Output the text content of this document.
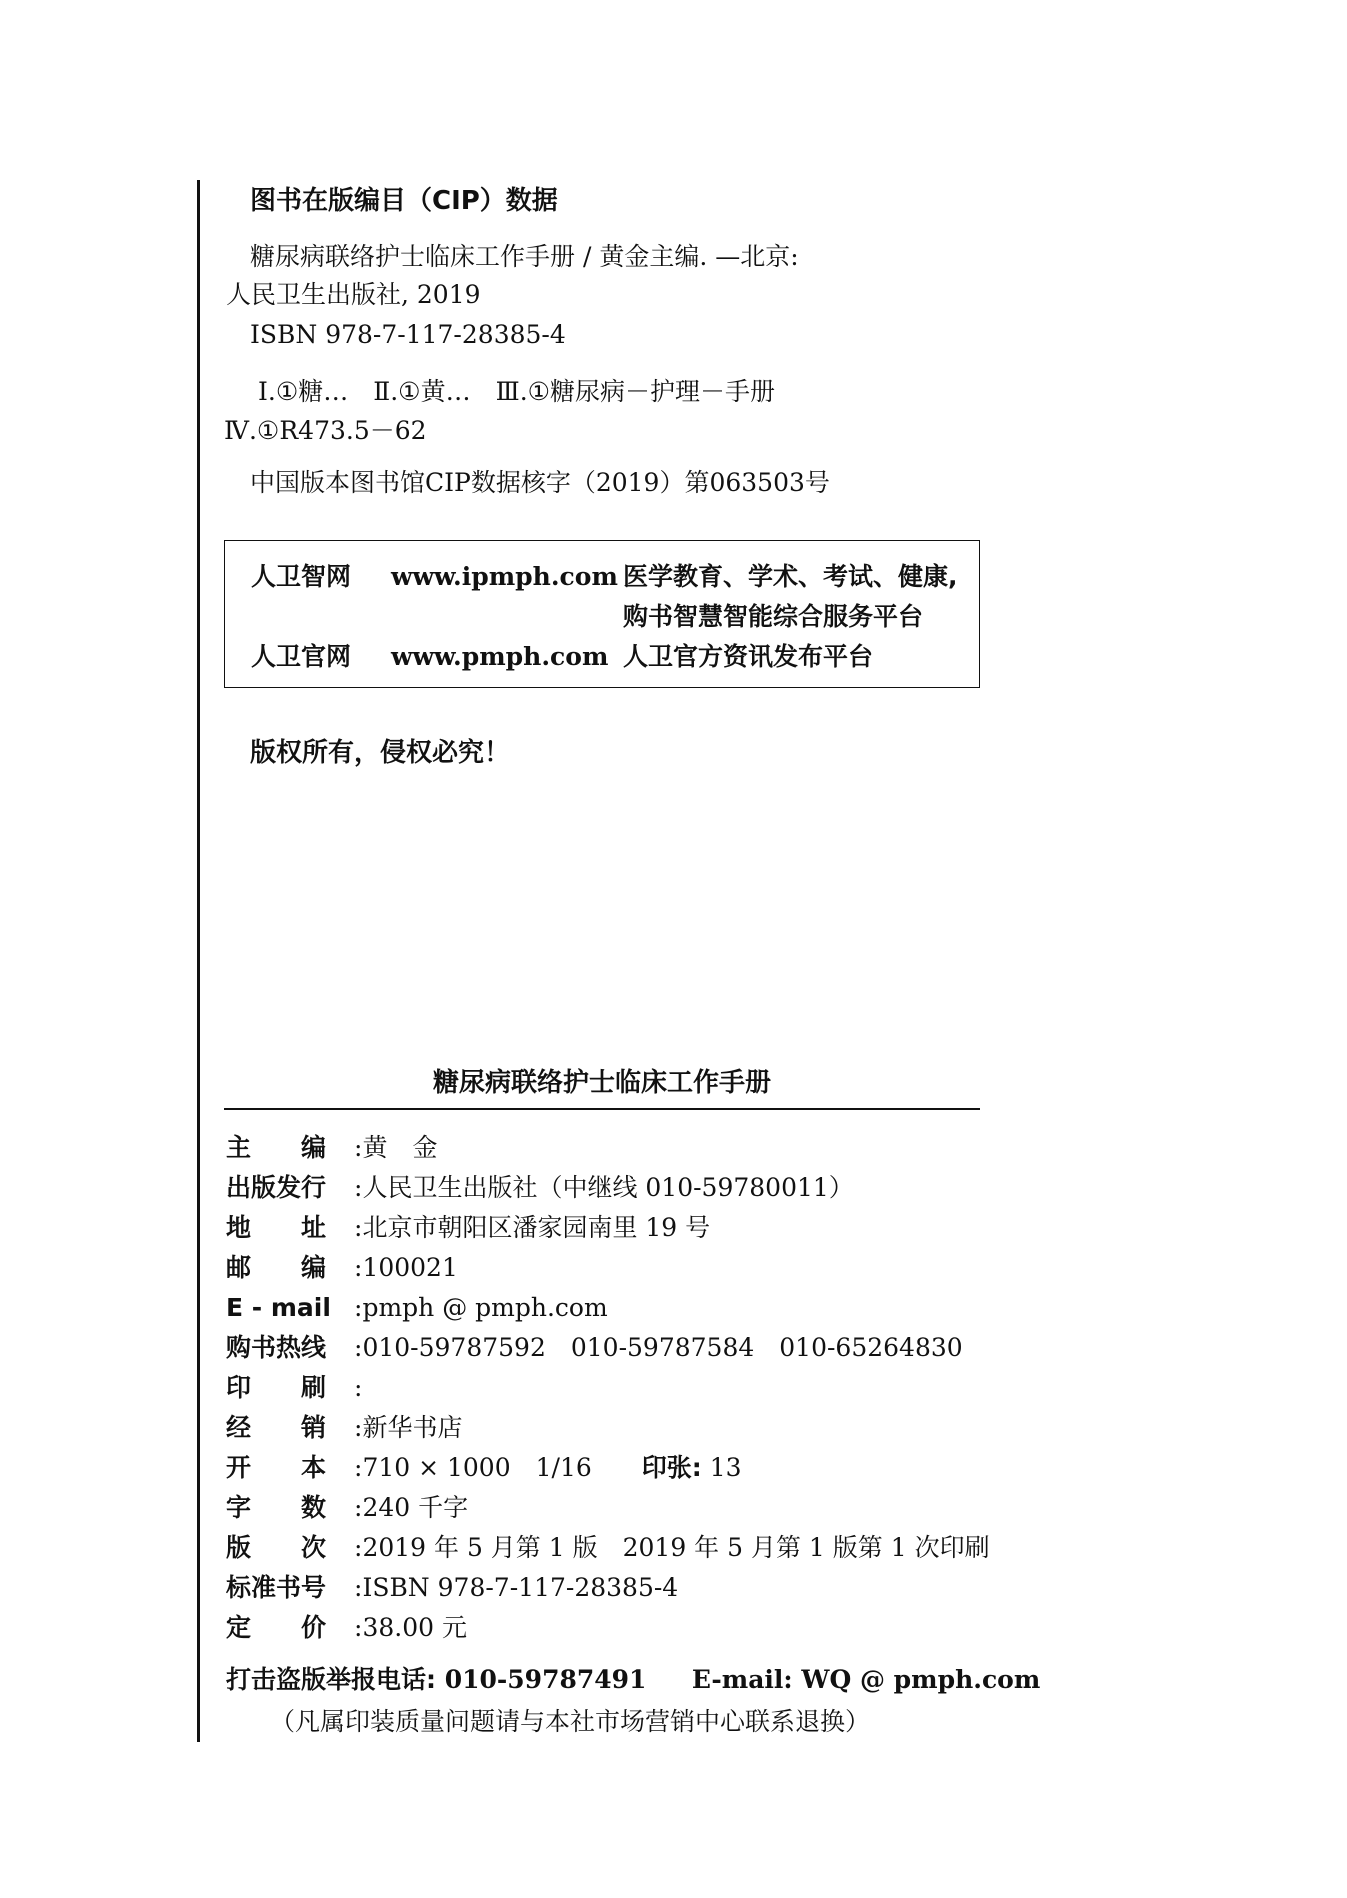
图书在版编目（CIP）数据
糖尿病联络护士临床工作手册 / 黄金主编. —北京:
人民卫生出版社, 2019
ISBN 978-7-117-28385-4
Ⅰ.①糖…　Ⅱ.①黄…　Ⅲ.①糖尿病－护理－手册
Ⅳ.①R473.5－62
中国版本图书馆CIP数据核字（2019）第063503号
人卫智网 www.ipmph.com 医学教育、学术、考试、健康,
购书智慧智能综合服务平台
人卫官网 www.pmph.com 人卫官方资讯发布平台
版权所有，侵权必究！
糖尿病联络护士临床工作手册
主　　编 :黄　金
出版发行 :人民卫生出版社（中继线 010-59780011）
地　　址 :北京市朝阳区潘家园南里 19 号
邮　　编 :100021
E - mail :pmph @ pmph.com
购书热线 :010-59787592　010-59787584　010-65264830
印　　刷 :
经　　销 :新华书店
开　　本 :710 × 1000　1/16 印张: 13
字　　数 :240 千字
版　　次 :2019 年 5 月第 1 版　2019 年 5 月第 1 版第 1 次印刷
标准书号 :ISBN 978-7-117-28385-4
定　　价 :38.00 元
打击盗版举报电话: 010-59787491 E-mail: WQ @ pmph.com
（凡属印装质量问题请与本社市场营销中心联系退换）
